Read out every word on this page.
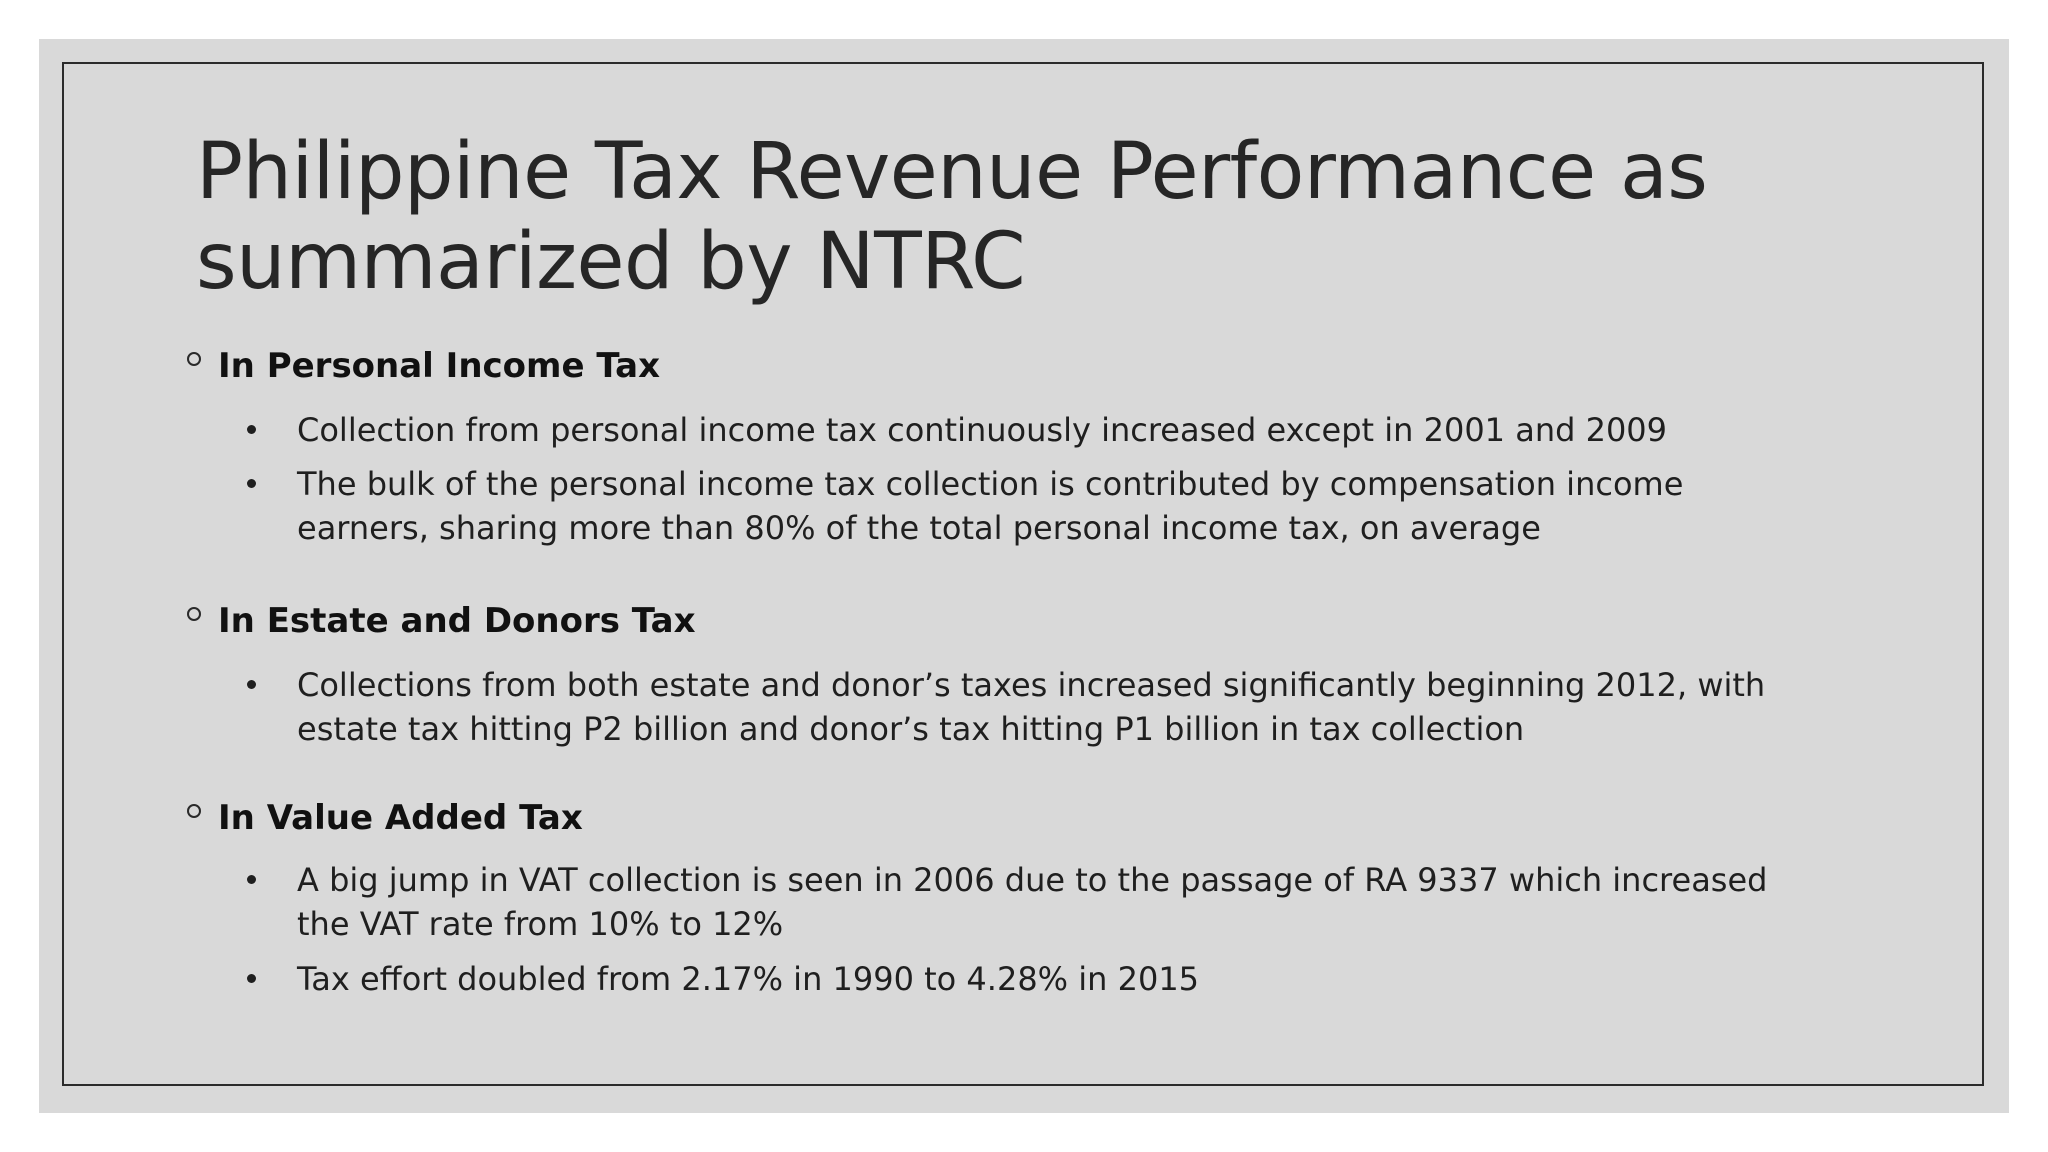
Philippine Tax Revenue Performance as
summarized by NTRC
In Personal Income Tax
Collection from personal income tax continuously increased except in 2001 and 2009
The bulk of the personal income tax collection is contributed by compensation income
earners, sharing more than 80% of the total personal income tax, on average
In Estate and Donors Tax
Collections from both estate and donor’s taxes increased significantly beginning 2012, with
estate tax hitting P2 billion and donor’s tax hitting P1 billion in tax collection
In Value Added Tax
A big jump in VAT collection is seen in 2006 due to the passage of RA 9337 which increased
the VAT rate from 10% to 12%
Tax effort doubled from 2.17% in 1990 to 4.28% in 2015
